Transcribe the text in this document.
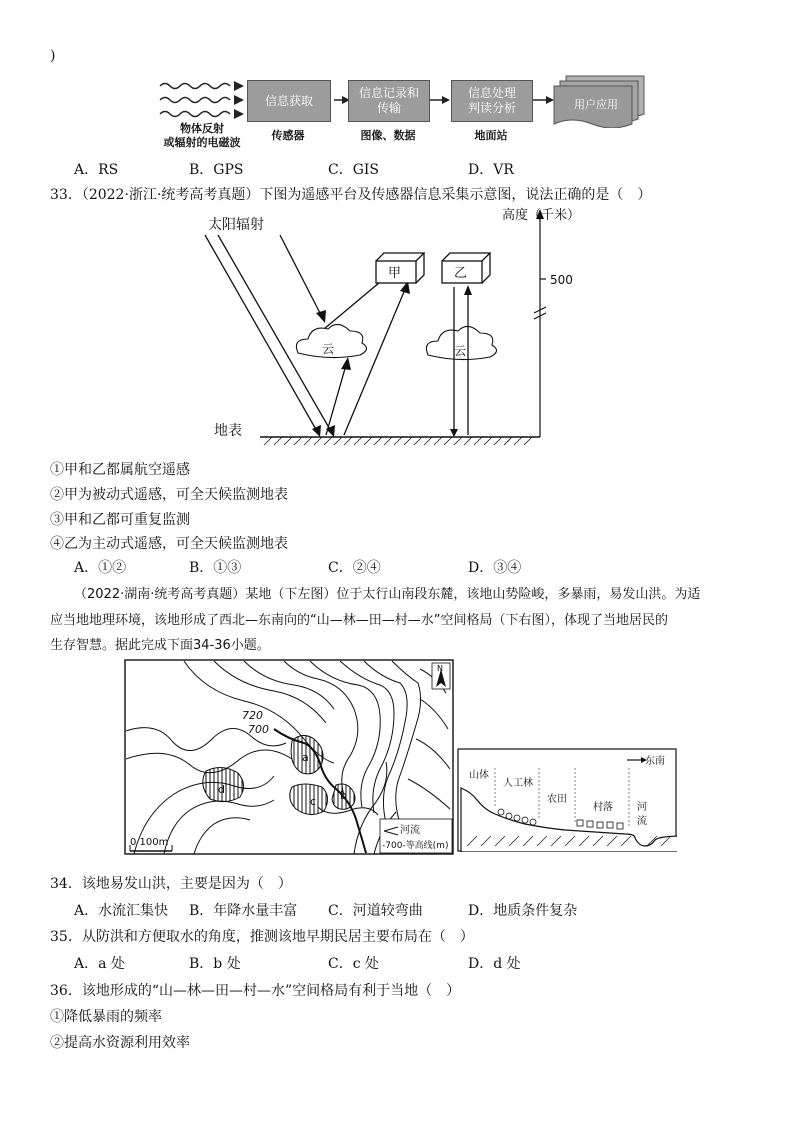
)
信息获取
信息记录和
传输
信息处理
判读分析	用户应用
物体反射
或辐射的电磁波
传感器	图像、数据	地面站
A．RS	B．GPS	C．GIS	D．VR
33．（2022·浙江·统考高考真题）下图为遥感平台及传感器信息采集示意图，说法正确的是（　）
太阳辐射
高度（千米）
500
甲	乙
云	云
地表
①甲和乙都属航空遥感
②甲为被动式遥感，可全天候监测地表
③甲和乙都可重复监测
④乙为主动式遥感，可全天候监测地表
A．①②	B．①③	C．②④	D．③④
（2022·湖南·统考高考真题）某地（下左图）位于太行山南段东麓，该地山势险峻，多暴雨，易发山洪。为适
应当地地理环境，该地形成了西北—东南向的“山—林—田—村—水”空间格局（下右图），体现了当地居民的
生存智慧。据此完成下面34-36小题。
a
b
c
d
720
700
N
0 100m
河流
-700-等高线(m)
东南
山体
人工林
农田
村落 河
流
34．该地易发山洪，主要是因为（　）
A．水流汇集快 B．年降水量丰富 C．河道较弯曲	D．地质条件复杂
35．从防洪和方便取水的角度，推测该地早期民居主要布局在（　）
A．a 处	B．b 处	C．c 处	D．d 处
36．该地形成的“山—林—田—村—水”空间格局有利于当地（　）
①降低暴雨的频率
②提高水资源利用效率
